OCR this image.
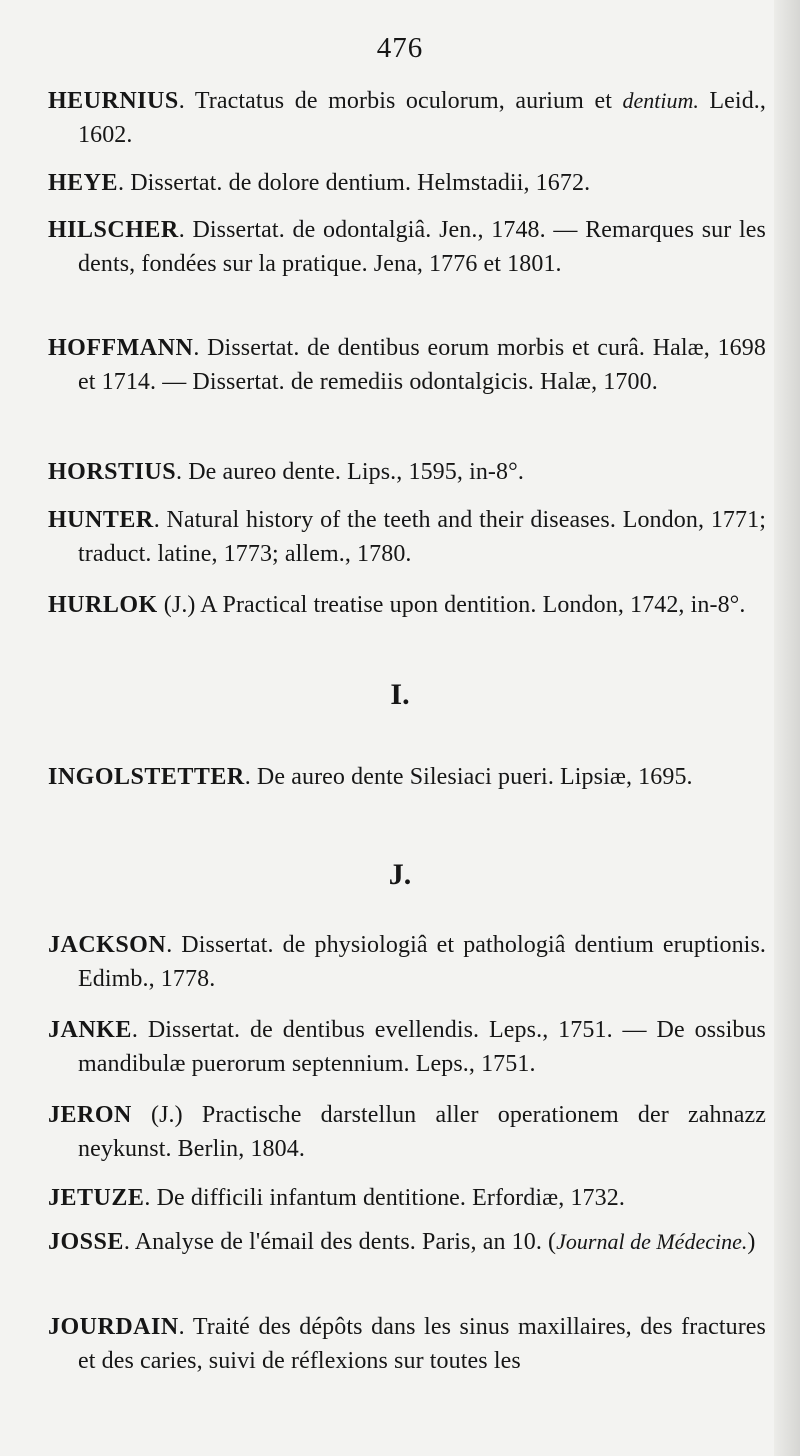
476
HEURNIUS. Tractatus de morbis oculorum, aurium et dentium. Leid., 1602.
HEYE. Dissertat. de dolore dentium. Helmstadii, 1672.
HILSCHER. Dissertat. de odontalgiâ. Jen., 1748. — Remarques sur les dents, fondées sur la pratique. Jena, 1776 et 1801.
HOFFMANN. Dissertat. de dentibus eorum morbis et curâ. Halæ, 1698 et 1714. — Dissertat. de remediis odontalgicis. Halæ, 1700.
HORSTIUS. De aureo dente. Lips., 1595, in-8°.
HUNTER. Natural history of the teeth and their diseases. London, 1771; traduct. latine, 1773; allem., 1780.
HURLOK (J.) A Practical treatise upon dentition. London, 1742, in-8°.
I.
INGOLSTETTER. De aureo dente Silesiaci pueri. Lipsiæ, 1695.
J.
JACKSON. Dissertat. de physiologiâ et pathologiâ dentium eruptionis. Edimb., 1778.
JANKE. Dissertat. de dentibus evellendis. Leps., 1751. — De ossibus mandibulæ puerorum septennium. Leps., 1751.
JERON (J.) Practische darstellun aller operationem der zahnazz neykunst. Berlin, 1804.
JETUZE. De difficili infantum dentitione. Erfordiæ, 1732.
JOSSE. Analyse de l'émail des dents. Paris, an 10. (Journal de Médecine.)
JOURDAIN. Traité des dépôts dans les sinus maxillaires, des fractures et des caries, suivi de réflexions sur toutes les
